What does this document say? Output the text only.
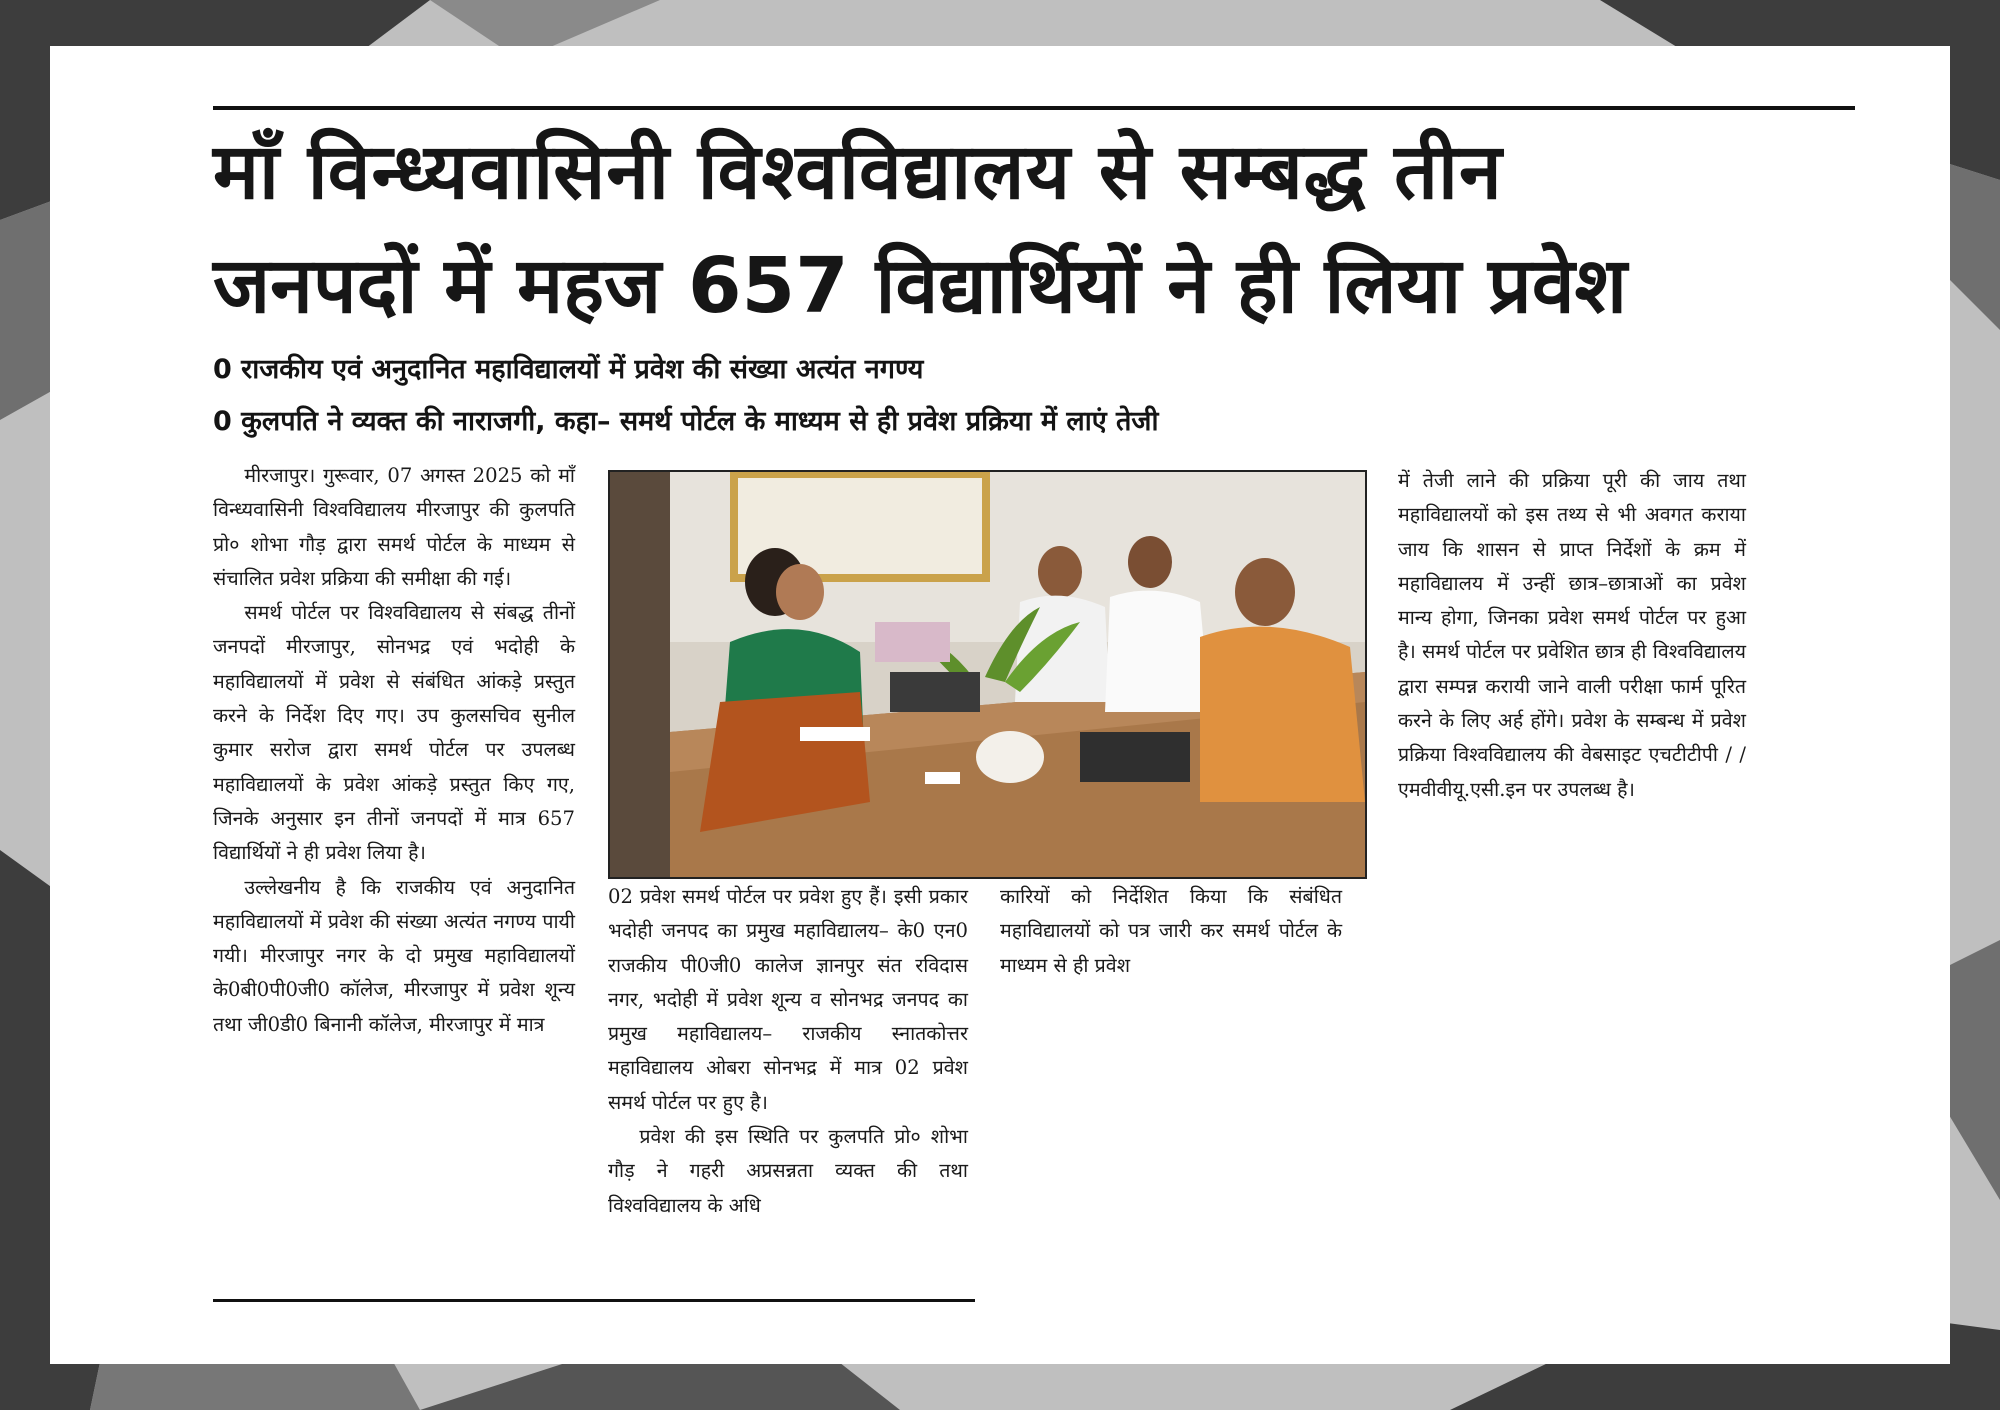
माँ विन्ध्यवासिनी विश्वविद्यालय से सम्बद्ध तीन
जनपदों में महज 657 विद्यार्थियों ने ही लिया प्रवेश
0 राजकीय एवं अनुदानित महाविद्यालयों में प्रवेश की संख्या अत्यंत नगण्य
0 कुलपति ने व्यक्त की नाराजगी, कहा– समर्थ पोर्टल के माध्यम से ही प्रवेश प्रक्रिया में लाएं तेजी

मीरजापुर। गुरूवार, 07 अगस्त 2025 को माँ विन्ध्यवासिनी विश्वविद्यालय मीरजापुर की कुलपति प्रो० शोभा गौड़ द्वारा समर्थ पोर्टल के माध्यम से संचालित प्रवेश प्रक्रिया की समीक्षा की गई।

समर्थ पोर्टल पर विश्वविद्यालय से संबद्ध तीनों जनपदों मीरजापुर, सोनभद्र एवं भदोही के महाविद्यालयों में प्रवेश से संबंधित आंकड़े प्रस्तुत करने के निर्देश दिए गए। उप कुलसचिव सुनील कुमार सरोज द्वारा समर्थ पोर्टल पर उपलब्ध महाविद्यालयों के प्रवेश आंकड़े प्रस्तुत किए गए, जिनके अनुसार इन तीनों जनपदों में मात्र 657 विद्यार्थियों ने ही प्रवेश लिया है।

उल्लेखनीय है कि राजकीय एवं अनुदानित महाविद्यालयों में प्रवेश की संख्या अत्यंत नगण्य पायी गयी। मीरजापुर नगर के दो प्रमुख महाविद्यालयों के0बी0पी0जी0 कॉलेज, मीरजापुर में प्रवेश शून्य तथा जी0डी0 बिनानी कॉलेज, मीरजापुर में मात्र

02 प्रवेश समर्थ पोर्टल पर प्रवेश हुए हैं। इसी प्रकार भदोही जनपद का प्रमुख महाविद्यालय– के0 एन0 राजकीय पी0जी0 कालेज ज्ञानपुर संत रविदास नगर, भदोही में प्रवेश शून्य व सोनभद्र जनपद का प्रमुख महाविद्यालय– राजकीय स्नातकोत्तर महाविद्यालय ओबरा सोनभद्र में मात्र 02 प्रवेश समर्थ पोर्टल पर हुए है।

प्रवेश की इस स्थिति पर कुलपति प्रो० शोभा गौड़ ने गहरी अप्रसन्नता व्यक्त की तथा विश्वविद्यालय के अधि

कारियों को निर्देशित किया कि संबंधित महाविद्यालयों को पत्र जारी कर समर्थ पोर्टल के माध्यम से ही प्रवेश

में तेजी लाने की प्रक्रिया पूरी की जाय तथा महाविद्यालयों को इस तथ्य से भी अवगत कराया जाय कि शासन से प्राप्त निर्देशों के क्रम में महाविद्यालय में उन्हीं छात्र–छात्राओं का प्रवेश मान्य होगा, जिनका प्रवेश समर्थ पोर्टल पर हुआ है। समर्थ पोर्टल पर प्रवेशित छात्र ही विश्वविद्यालय द्वारा सम्पन्न करायी जाने वाली परीक्षा फार्म पूरित करने के लिए अर्ह होंगे। प्रवेश के सम्बन्ध में प्रवेश प्रक्रिया विश्वविद्यालय की वेबसाइट एचटीटीपी / /एमवीवीयू.एसी.इन पर उपलब्ध है।
